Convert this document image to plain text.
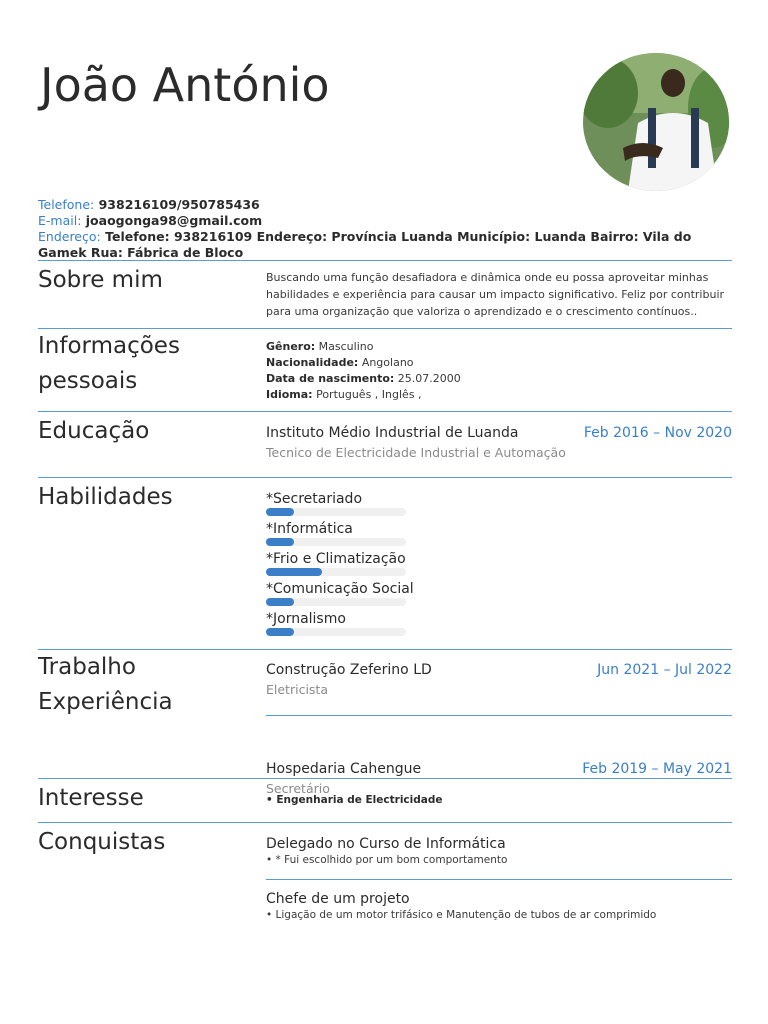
João António
Telefone: 938216109/950785436
E-mail: joaogonga98@gmail.com
Endereço: Telefone: 938216109 Endereço: Província Luanda Município: Luanda Bairro: Vila do Gamek Rua: Fábrica de Bloco
Sobre mim	Buscando uma função desafiadora e dinâmica onde eu possa aproveitar minhas habilidades e experiência para causar um impacto significativo. Feliz por contribuir para uma organização que valoriza o aprendizado e o crescimento contínuos..
Informações
pessoais
Gênero: Masculino
Nacionalidade: Angolano
Data de nascimento: 25.07.2000
Idioma: Português , Inglês ,
Educação	Instituto Médio Industrial de Luanda	Feb 2016 – Nov 2020
Tecnico de Electricidade Industrial e Automação
Habilidades	*Secretariado
*Informática
*Frio e Climatização
*Comunicação Social
*Jornalismo
Trabalho
Experiência
Construção Zeferino LD	Jun 2021 – Jul 2022
Eletricista
Hospedaria Cahengue	Feb 2019 – May 2021
Secretário
Interesse	• Engenharia de Electricidade
Conquistas	Delegado no Curso de Informática
• * Fui escolhido por um bom comportamento
Chefe de um projeto
• Ligação de um motor trifásico e Manutenção de tubos de ar comprimido
